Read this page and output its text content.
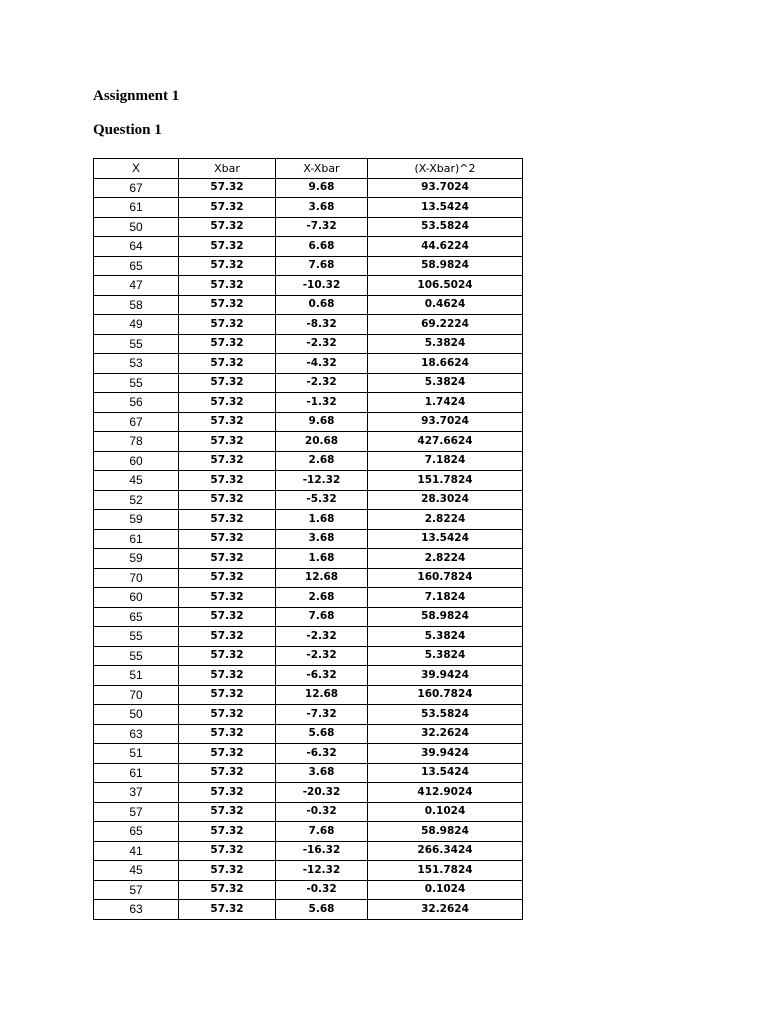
Assignment 1
Question 1
X	Xbar	X-Xbar	(X-Xbar)^2
67	57.32	9.68	93.7024
61	57.32	3.68	13.5424
50	57.32	-7.32	53.5824
64	57.32	6.68	44.6224
65	57.32	7.68	58.9824
47	57.32	-10.32	106.5024
58	57.32	0.68	0.4624
49	57.32	-8.32	69.2224
55	57.32	-2.32	5.3824
53	57.32	-4.32	18.6624
55	57.32	-2.32	5.3824
56	57.32	-1.32	1.7424
67	57.32	9.68	93.7024
78	57.32	20.68	427.6624
60	57.32	2.68	7.1824
45	57.32	-12.32	151.7824
52	57.32	-5.32	28.3024
59	57.32	1.68	2.8224
61	57.32	3.68	13.5424
59	57.32	1.68	2.8224
70	57.32	12.68	160.7824
60	57.32	2.68	7.1824
65	57.32	7.68	58.9824
55	57.32	-2.32	5.3824
55	57.32	-2.32	5.3824
51	57.32	-6.32	39.9424
70	57.32	12.68	160.7824
50	57.32	-7.32	53.5824
63	57.32	5.68	32.2624
51	57.32	-6.32	39.9424
61	57.32	3.68	13.5424
37	57.32	-20.32	412.9024
57	57.32	-0.32	0.1024
65	57.32	7.68	58.9824
41	57.32	-16.32	266.3424
45	57.32	-12.32	151.7824
57	57.32	-0.32	0.1024
63	57.32	5.68	32.2624
